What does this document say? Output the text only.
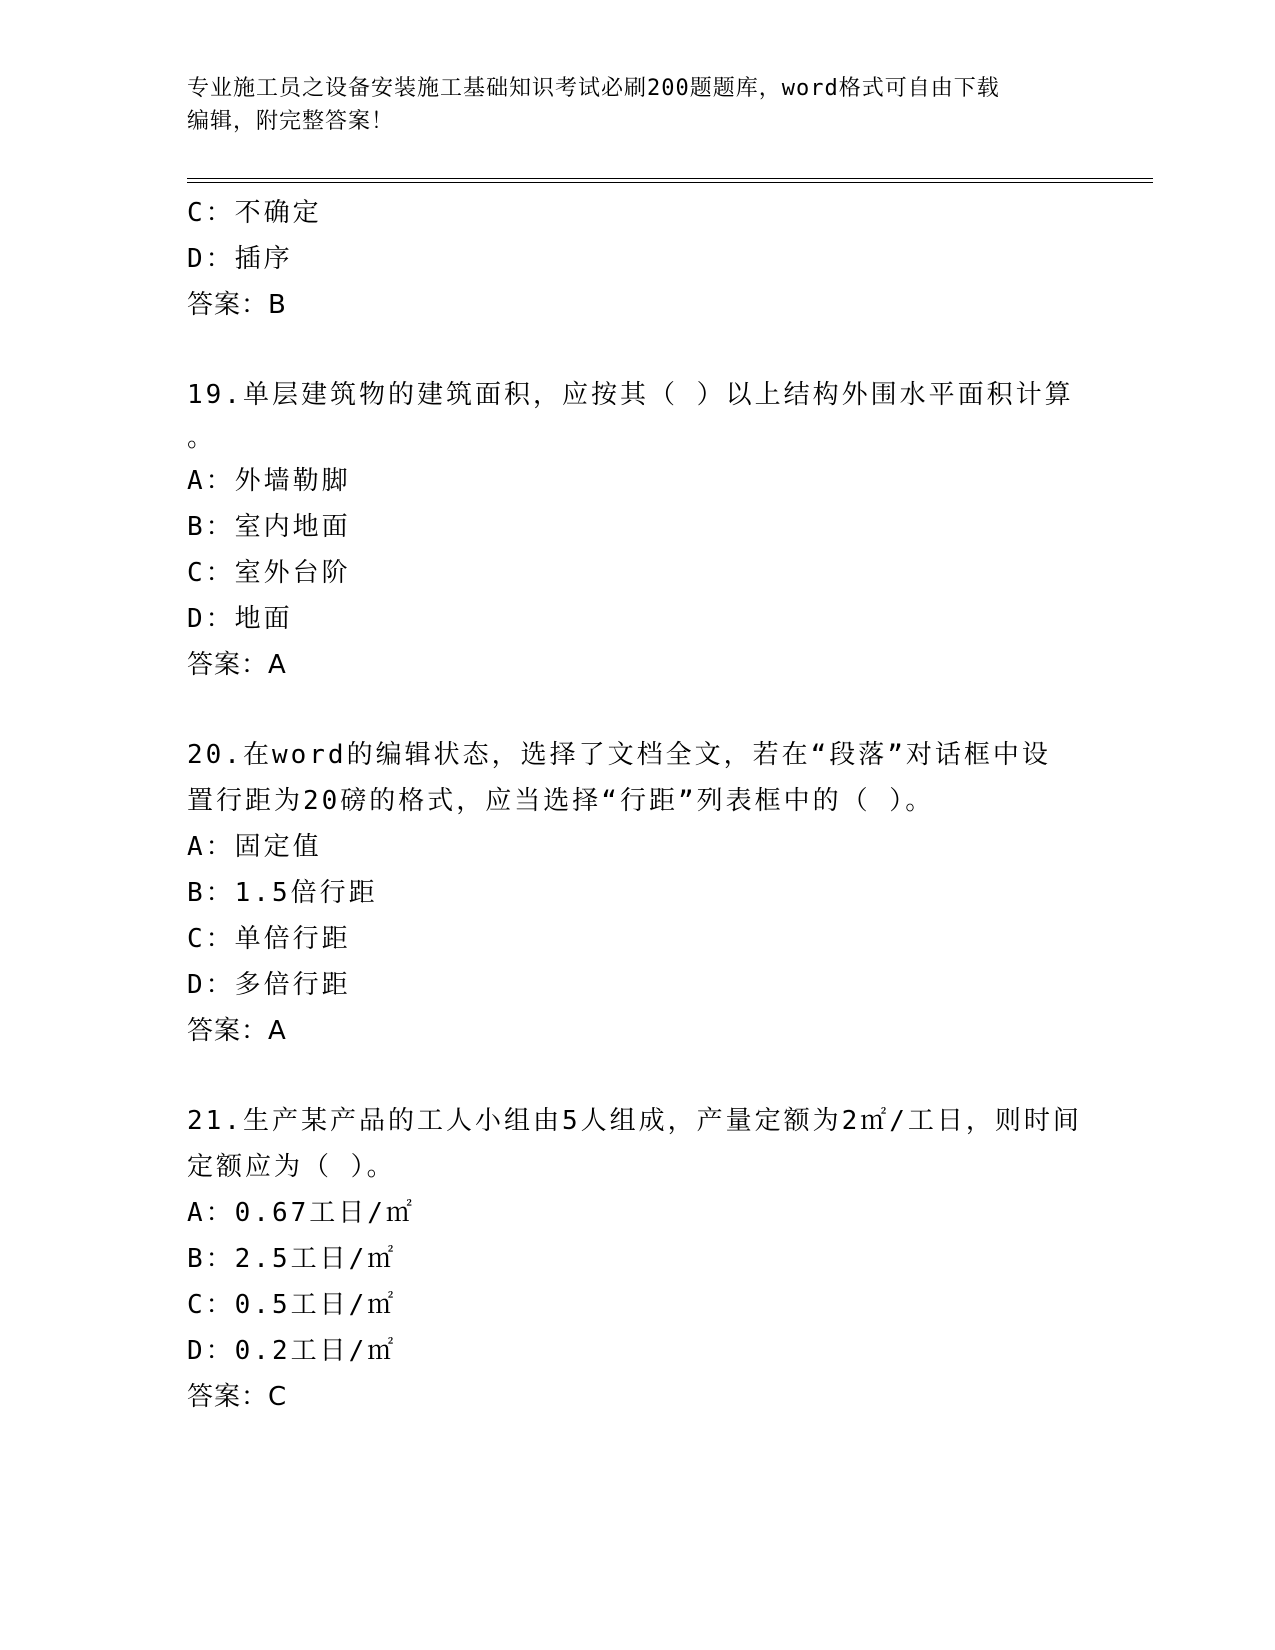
专业施工员之设备安装施工基础知识考试必刷200题题库，word格式可自由下载
编辑，附完整答案！
C：不确定
D：插序
答案：B
19.单层建筑物的建筑面积，应按其（ ）以上结构外围水平面积计算
。
A：外墙勒脚
B：室内地面
C：室外台阶
D：地面
答案：A
20.在word的编辑状态，选择了文档全文，若在“段落”对话框中设
置行距为20磅的格式，应当选择“行距”列表框中的（ ）。
A：固定值
B：1.5倍行距
C：单倍行距
D：多倍行距
答案：A
21.生产某产品的工人小组由5人组成，产量定额为2㎡/工日，则时间
定额应为（ ）。
A：0.67工日/㎡
B：2.5工日/㎡
C：0.5工日/㎡
D：0.2工日/㎡
答案：C
